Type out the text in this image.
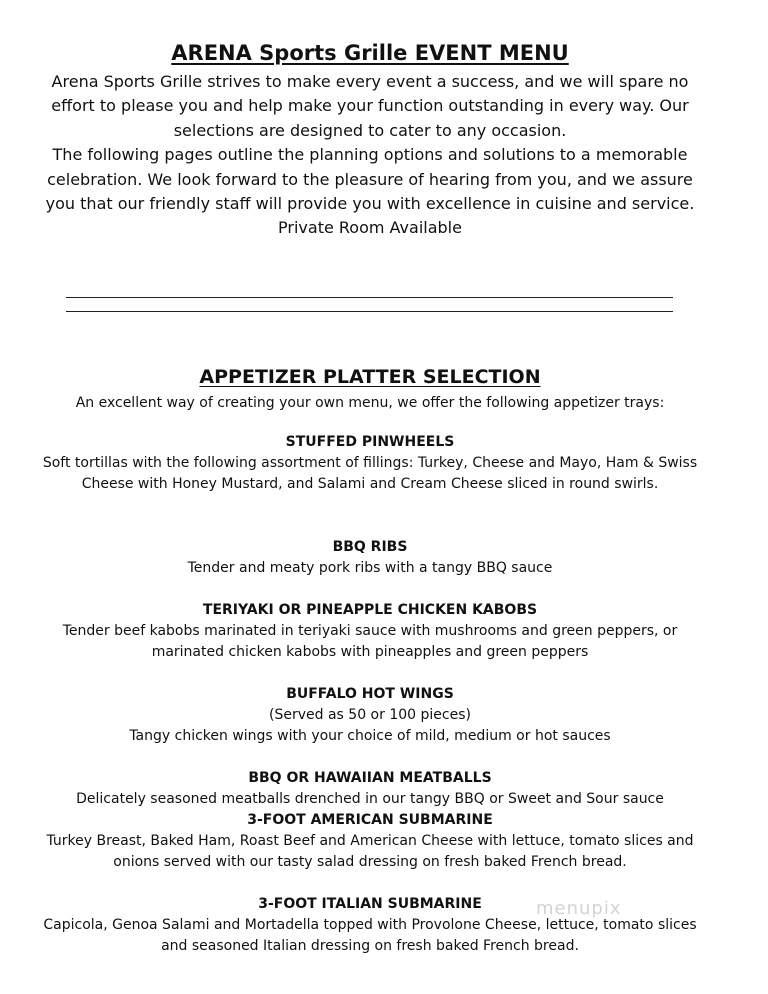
ARENA Sports Grille EVENT MENU

Arena Sports Grille strives to make every event a success, and we will spare no effort to please you and help make your function outstanding in every way. Our selections are designed to cater to any occasion.

The following pages outline the planning options and solutions to a memorable celebration. We look forward to the pleasure of hearing from you, and we assure you that our friendly staff will provide you with excellence in cuisine and service.

Private Room Available

APPETIZER PLATTER SELECTION

An excellent way of creating your own menu, we offer the following appetizer trays:

STUFFED PINWHEELS

Soft tortillas with the following assortment of fillings: Turkey, Cheese and Mayo, Ham & Swiss Cheese with Honey Mustard, and Salami and Cream Cheese sliced in round swirls.

BBQ RIBS

Tender and meaty pork ribs with a tangy BBQ sauce

TERIYAKI OR PINEAPPLE CHICKEN KABOBS

Tender beef kabobs marinated in teriyaki sauce with mushrooms and green peppers, or marinated chicken kabobs with pineapples and green peppers

BUFFALO HOT WINGS

(Served as 50 or 100 pieces)

Tangy chicken wings with your choice of mild, medium or hot sauces

BBQ OR HAWAIIAN MEATBALLS

Delicately seasoned meatballs drenched in our tangy BBQ or Sweet and Sour sauce

3-FOOT AMERICAN SUBMARINE

Turkey Breast, Baked Ham, Roast Beef and American Cheese with lettuce, tomato slices and onions served with our tasty salad dressing on fresh baked French bread.

3-FOOT ITALIAN SUBMARINE

Capicola, Genoa Salami and Mortadella topped with Provolone Cheese, lettuce, tomato slices and seasoned Italian dressing on fresh baked French bread.

menupix
